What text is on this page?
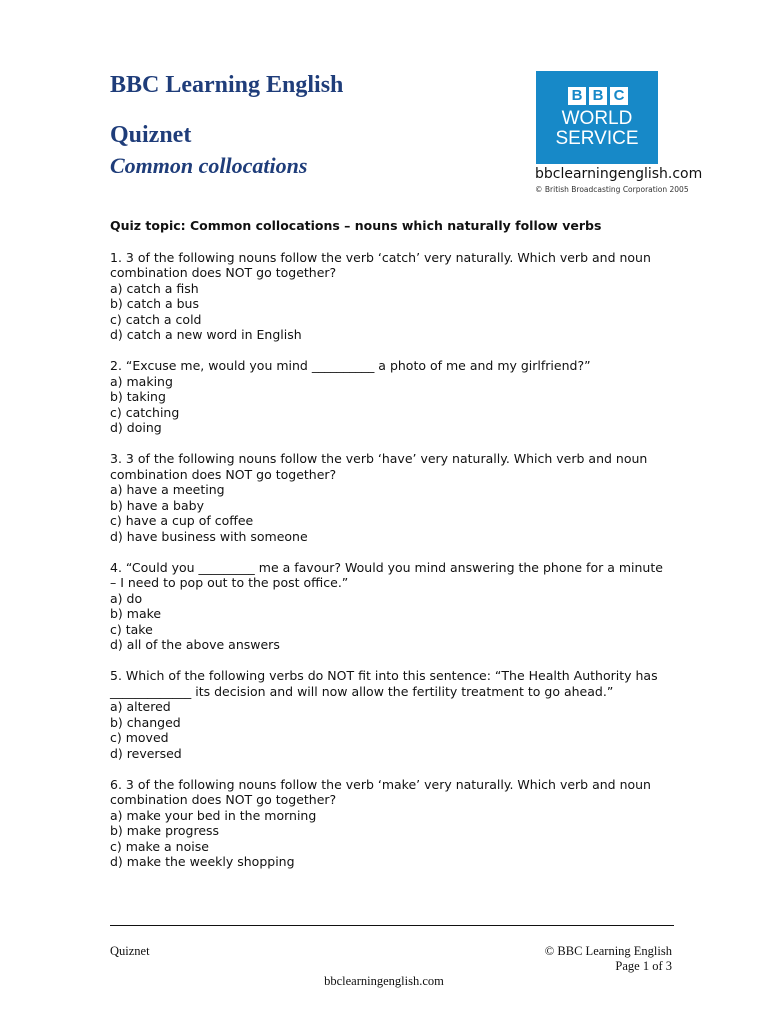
BBC Learning English
Quiznet
Common collocations
B B C
WORLD
SERVICE
bbclearningenglish.com
© British Broadcasting Corporation 2005

Quiz topic: Common collocations – nouns which naturally follow verbs

1. 3 of the following nouns follow the verb ‘catch’ very naturally. Which verb and noun combination does NOT go together?

a) catch a fish

b) catch a bus

c) catch a cold

d) catch a new word in English

2. “Excuse me, would you mind __________ a photo of me and my girlfriend?”

a) making

b) taking

c) catching

d) doing

3. 3 of the following nouns follow the verb ‘have’ very naturally. Which verb and noun combination does NOT go together?

a) have a meeting

b) have a baby

c) have a cup of coffee

d) have business with someone

4. “Could you _________ me a favour? Would you mind answering the phone for a minute – I need to pop out to the post office.”

a) do

b) make

c) take

d) all of the above answers

5. Which of the following verbs do NOT fit into this sentence: “The Health Authority has _____________ its decision and will now allow the fertility treatment to go ahead.”

a) altered

b) changed

c) moved

d) reversed

6. 3 of the following nouns follow the verb ‘make’ very naturally. Which verb and noun combination does NOT go together?

a) make your bed in the morning

b) make progress

c) make a noise

d) make the weekly shopping

Quiznet	© BBC Learning English
Page 1 of 3
bbclearningenglish.com
